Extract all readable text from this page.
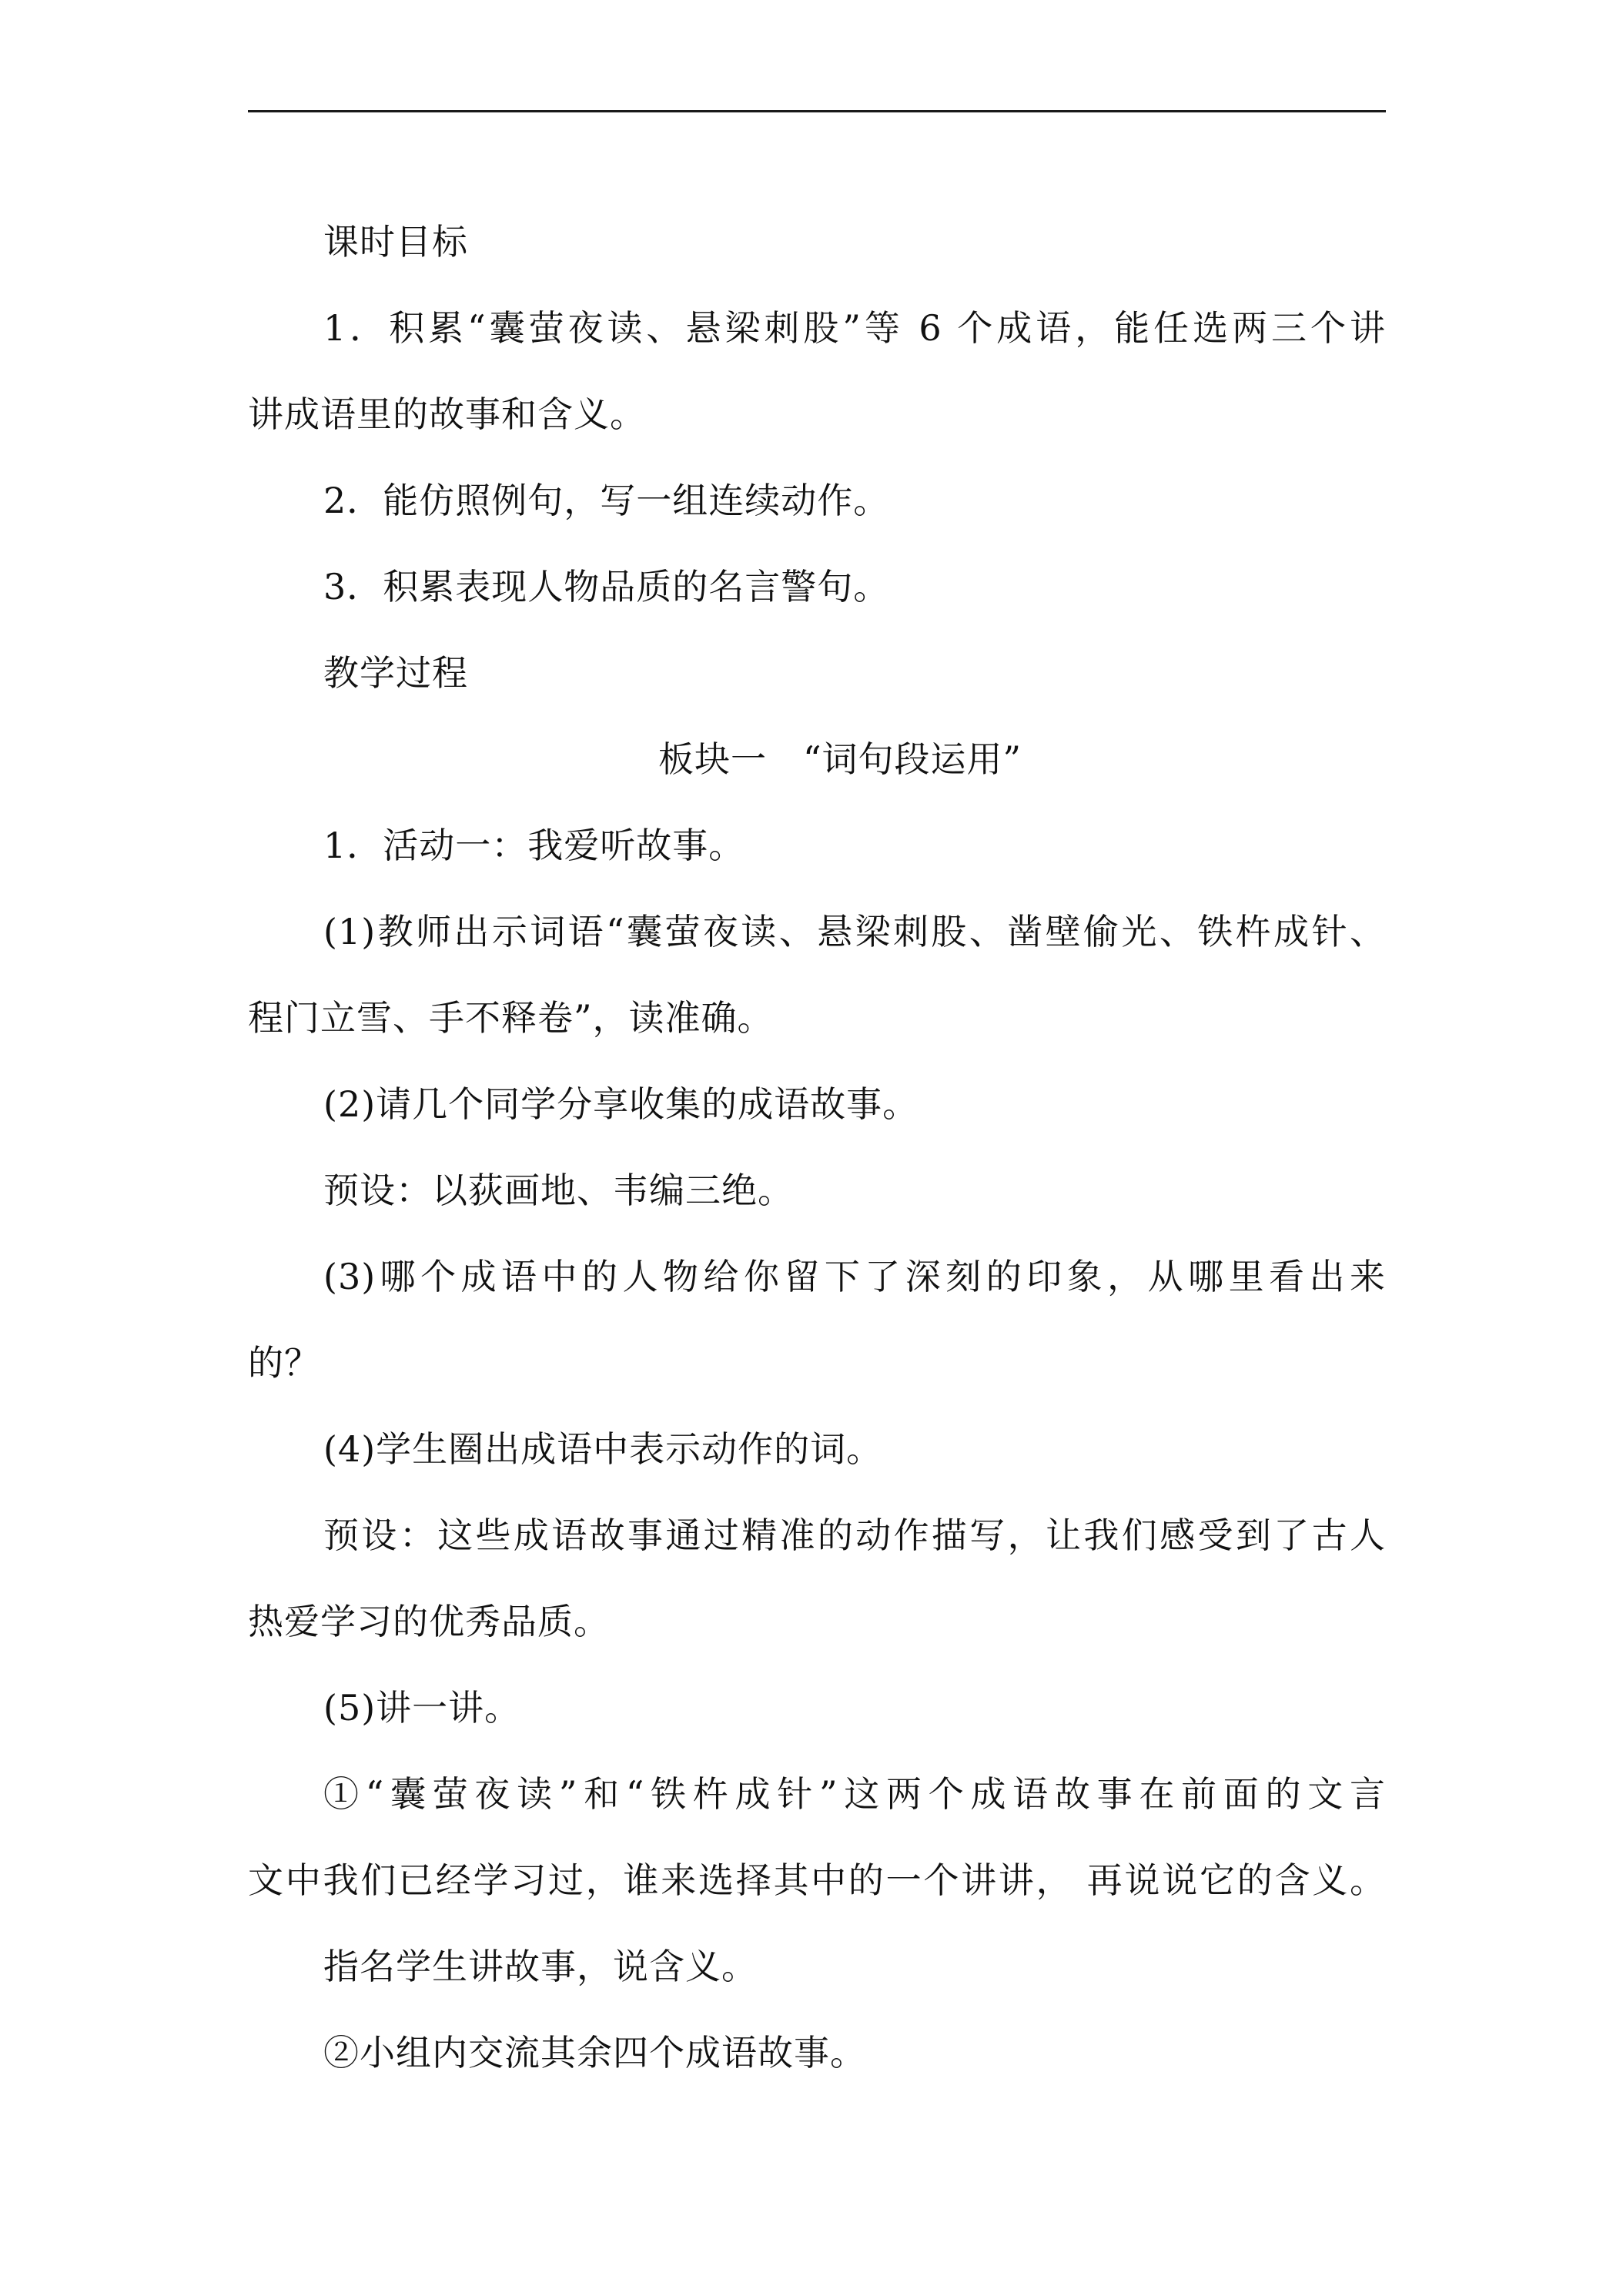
课时目标
1．积累“囊萤夜读、悬梁刺股”等 6 个成语，能任选两三个讲
讲成语里的故事和含义。
2．能仿照例句，写一组连续动作。
3．积累表现人物品质的名言警句。
教学过程
板块一　“词句段运用”
1．活动一：我爱听故事。
(1)教师出示词语“囊萤夜读、悬梁刺股、凿壁偷光、铁杵成针、
程门立雪、手不释卷”，读准确。
(2)请几个同学分享收集的成语故事。
预设：以荻画地、韦编三绝。
(3)哪个成语中的人物给你留下了深刻的印象，从哪里看出来
的？
(4)学生圈出成语中表示动作的词。
预设：这些成语故事通过精准的动作描写，让我们感受到了古人
热爱学习的优秀品质。
(5)讲一讲。
①“囊萤夜读”和“铁杵成针”这两个成语故事在前面的文言
文中我们已经学习过，谁来选择其中的一个讲讲， 再说说它的含义。
指名学生讲故事，说含义。
②小组内交流其余四个成语故事。
